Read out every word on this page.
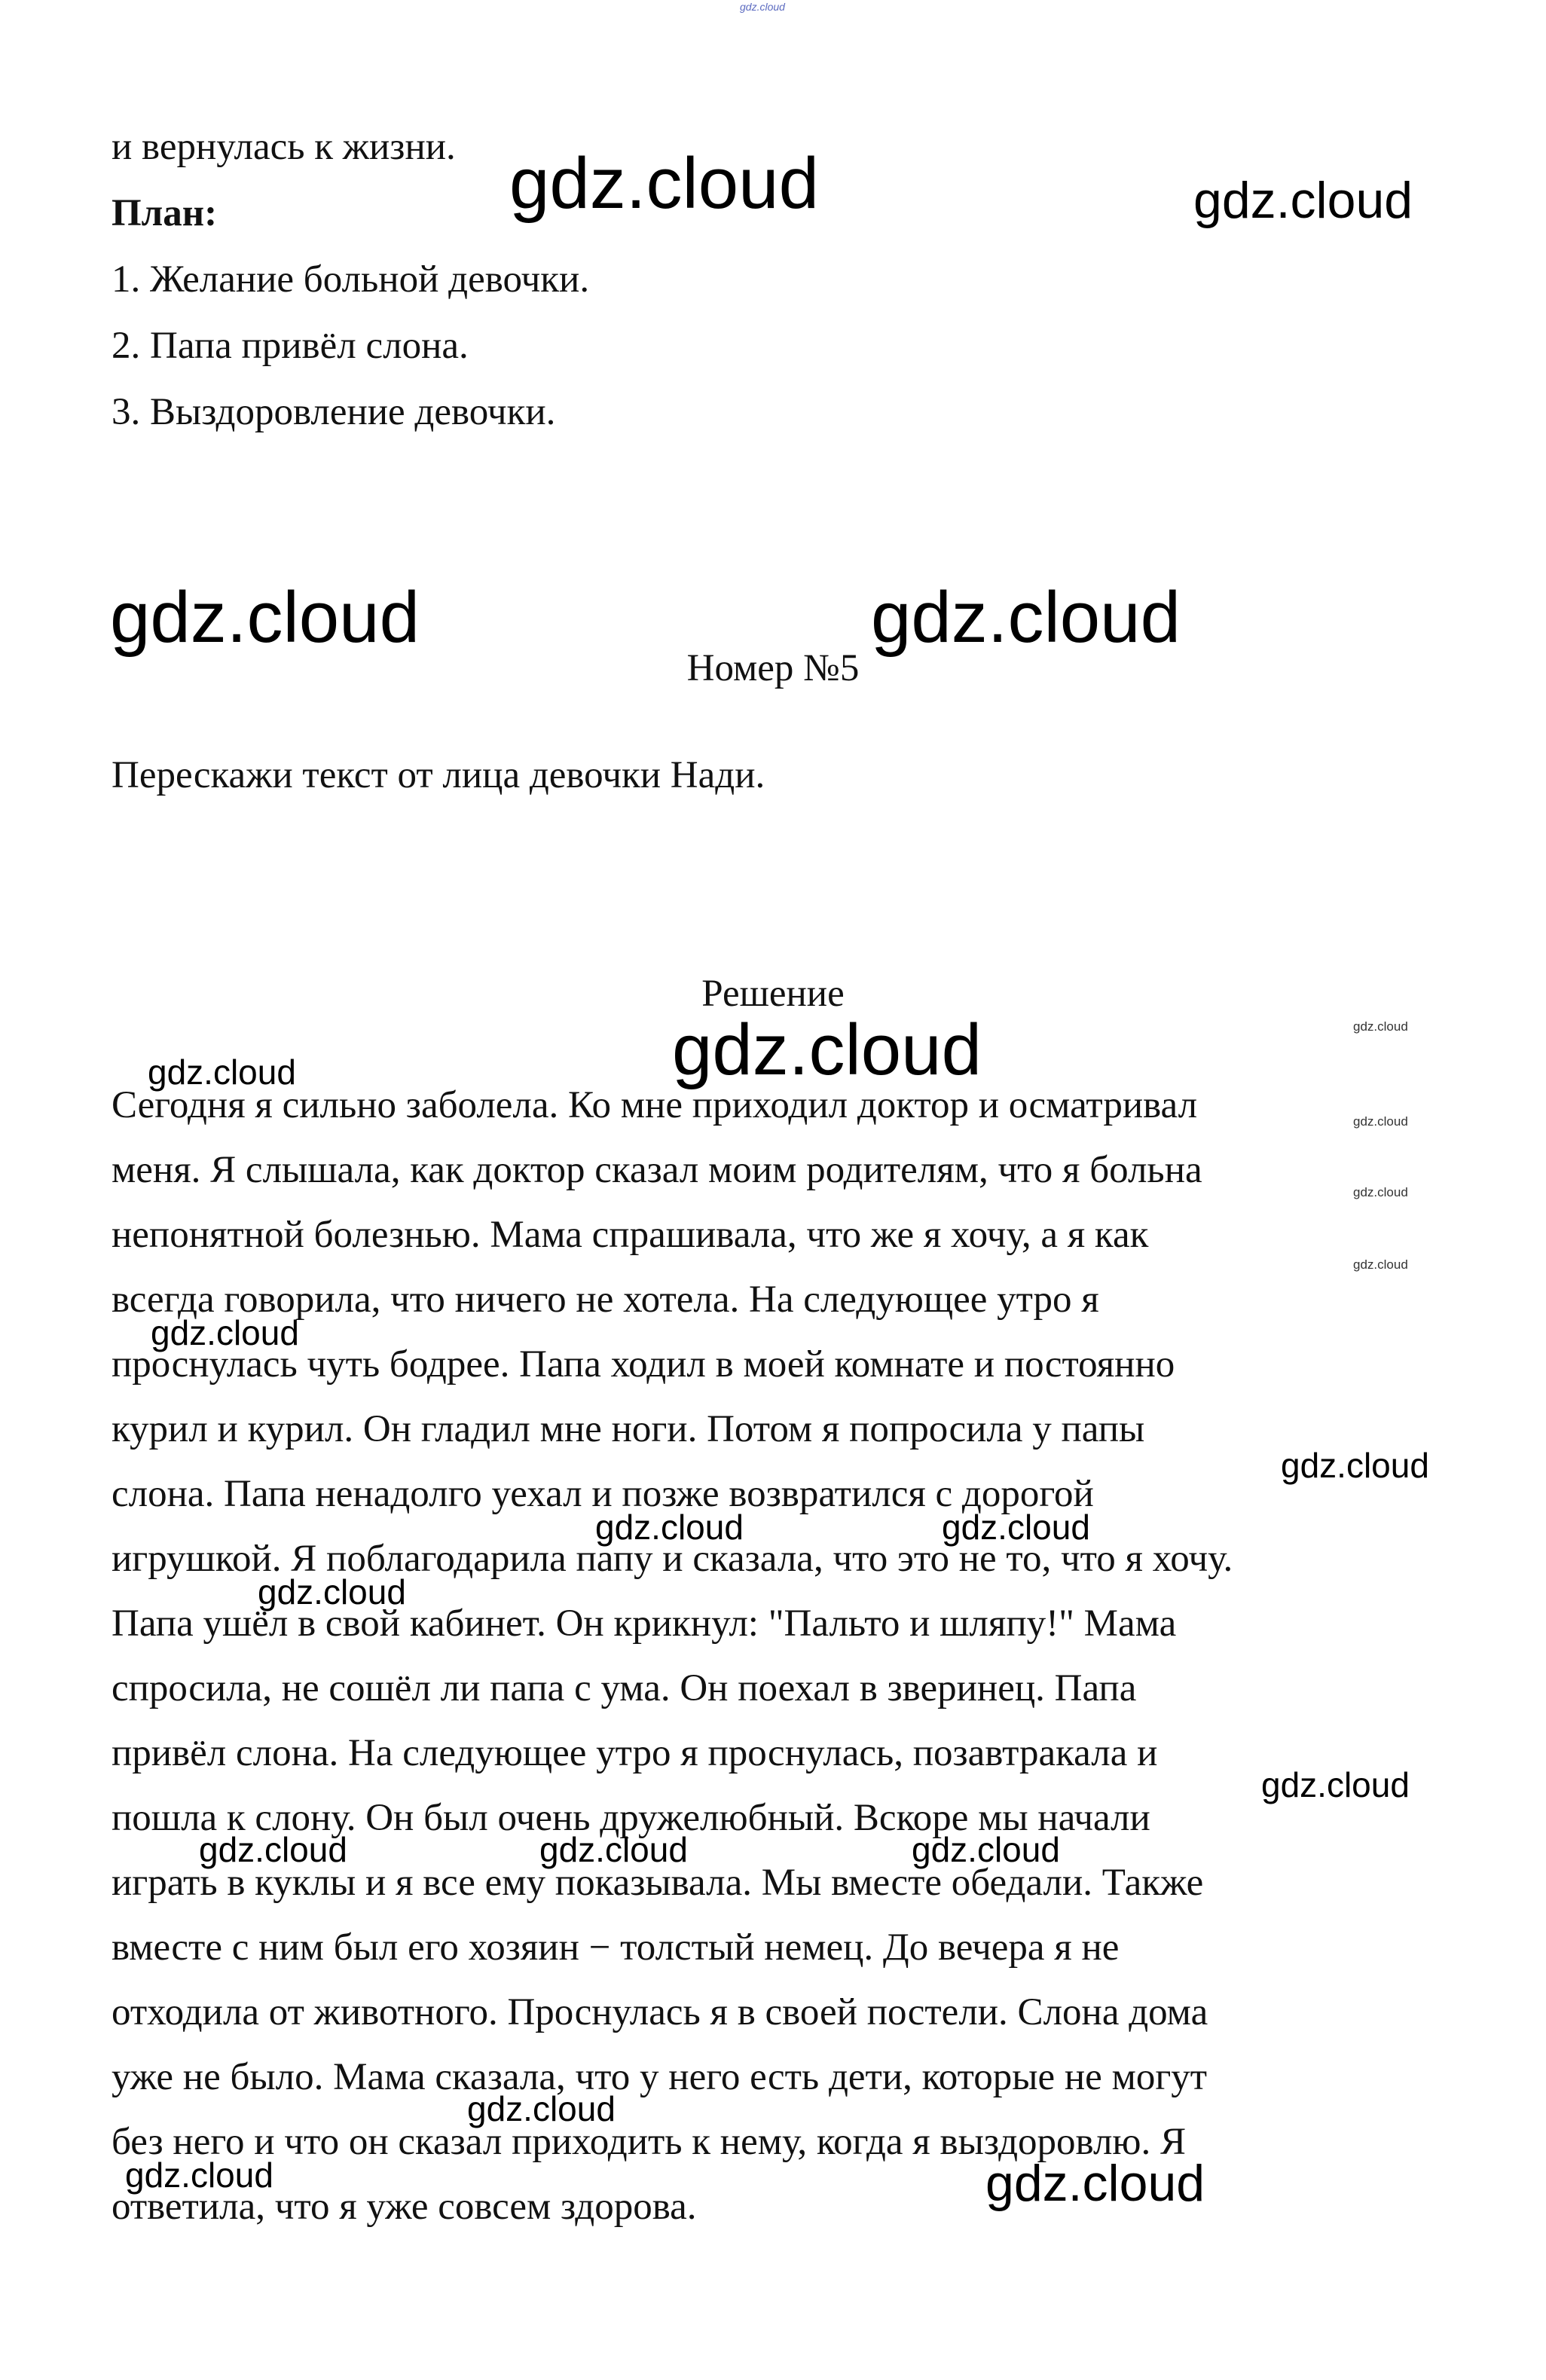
gdz.cloud
и вернулась к жизни.
План:
1. Желание больной девочки.
2. Папа привёл слона.
3. Выздоровление девочки.
Номер №5
Перескажи текст от лица девочки Нади.
Решение
Сегодня я сильно заболела. Ко мне приходил доктор и осматривал
меня. Я слышала, как доктор сказал моим родителям, что я больна
непонятной болезнью. Мама спрашивала, что же я хочу, а я как
всегда говорила, что ничего не хотела. На следующее утро я
проснулась чуть бодрее. Папа ходил в моей комнате и постоянно
курил и курил. Он гладил мне ноги. Потом я попросила у папы
слона. Папа ненадолго уехал и позже возвратился с дорогой
игрушкой. Я поблагодарила папу и сказала, что это не то, что я хочу.
Папа ушёл в свой кабинет. Он крикнул: "Пальто и шляпу!" Мама
спросила, не сошёл ли папа с ума. Он поехал в зверинец. Папа
привёл слона. На следующее утро я проснулась, позавтракала и
пошла к слону. Он был очень дружелюбный. Вскоре мы начали
играть в куклы и я все ему показывала. Мы вместе обедали. Также
вместе с ним был его хозяин − толстый немец. До вечера я не
отходила от животного. Проснулась я в своей постели. Слона дома
уже не было. Мама сказала, что у него есть дети, которые не могут
без него и что он сказал приходить к нему, когда я выздоровлю. Я
ответила, что я уже совсем здорова.
gdz.cloud	gdz.cloud
gdz.cloud	gdz.cloud
gdz.cloud
gdz.cloud
gdz.cloud
gdz.cloud
gdz.cloud
gdz.cloud
gdz.cloud
gdz.cloud
gdz.cloud	gdz.cloud
gdz.cloud
gdz.cloud
gdz.cloud	gdz.cloud	gdz.cloud
gdz.cloud
gdz.cloud	gdz.cloud
